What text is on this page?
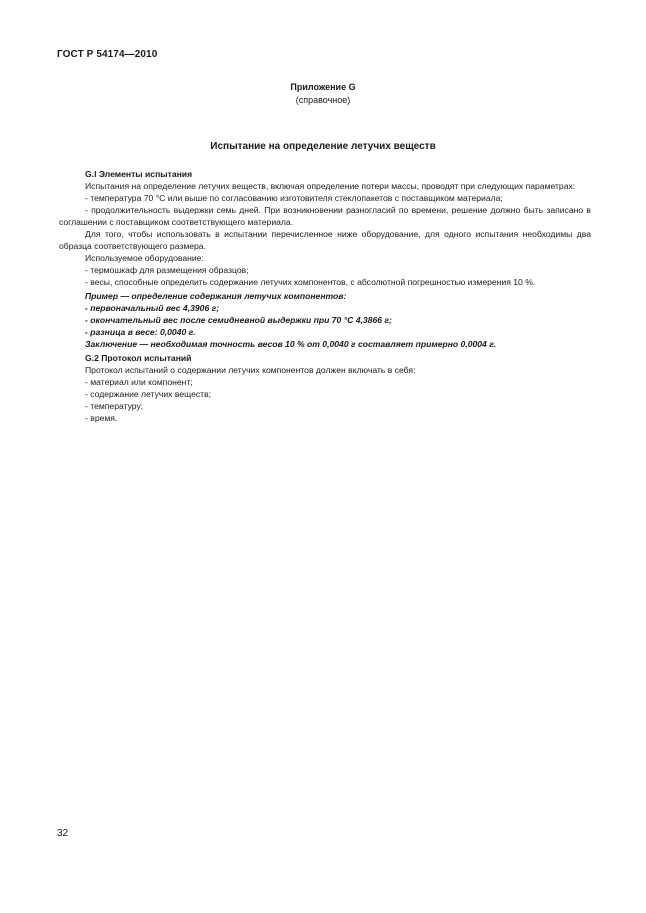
ГОСТ Р 54174—2010
Приложение G
(справочное)
Испытание на определение летучих веществ

G.l Элементы испытания

Испытания на определение летучих веществ, включая определение потери массы, проводят при следующих параметрах:

- температура 70 °С или выше по согласованию изготовителя стеклопакетов с поставщиком материала;

- продолжительность выдержки семь дней. При возникновении разногласий по времени, решение должно быть записано в соглашении с поставщиком соответствующего материала.

Для того, чтобы использовать в испытании перечисленное ниже оборудование, для одного испытания необходимы два образца соответствующего размера.

Используемое оборудование:

- термошкаф для размещения образцов;

- весы, способные определить содержание летучих компонентов, с абсолютной погрешностью измерения 10 %.

Пример — определение содержания летучих компонентов:

- первоначальный вес 4,3906 г;

- окончательный вес после семидневной выдержки при 70 °С 4,3866 г;

- разница в весе: 0,0040 г.

Заключение — необходимая точность весов 10 % от 0,0040 г составляет примерно 0,0004 г.

G.2 Протокол испытаний

Протокол испытаний о содержании летучих компонентов должен включать в себя:

- материал или компонент;

- содержание летучих веществ;

- температуру;

- время.

32
